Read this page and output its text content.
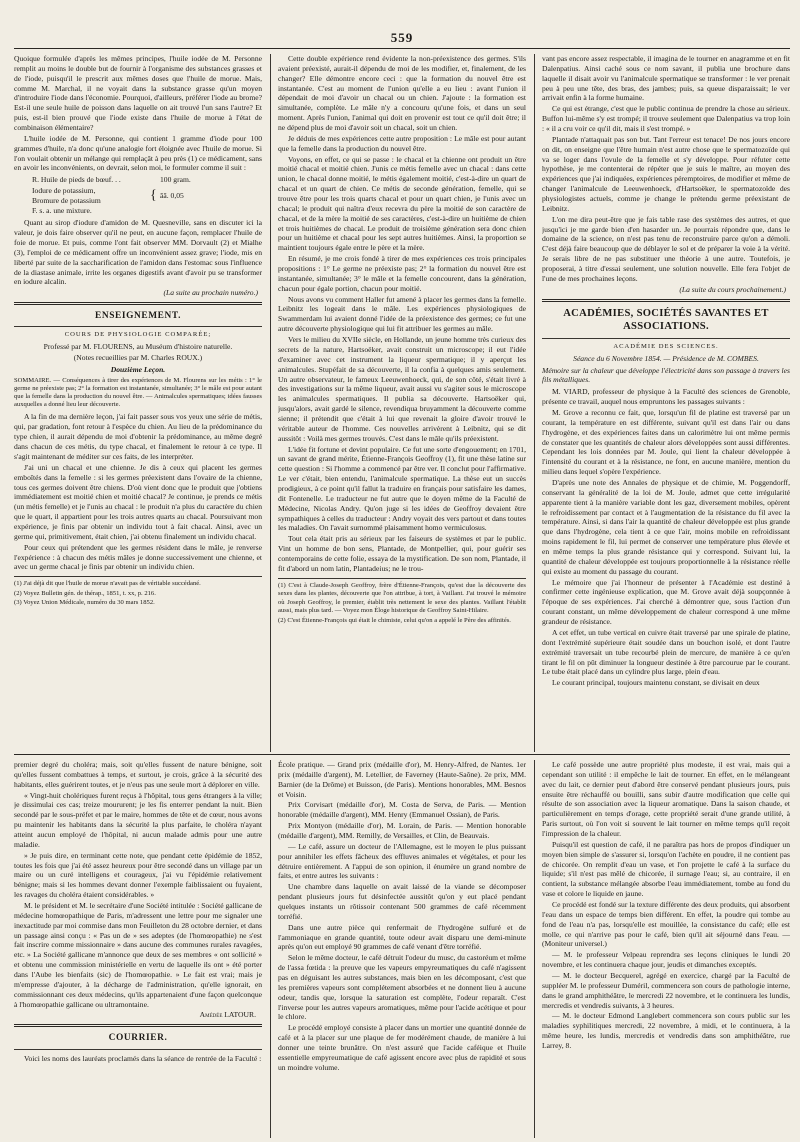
559

Quoique formulée d'après les mêmes principes, l'huile iodée de M. Personne remplit au moins le double but de fournir à l'organisme des substances grasses et de l'iode, puisqu'il le prescrit aux mêmes doses que l'huile de morue. Mais, comme M. Marchal, il ne voyait dans la substance grasse qu'un moyen d'introduire l'iode dans l'économie. Pourquoi, d'ailleurs, préférer l'iode au brome? Est-il une seule huile de poisson dans laquelle on ait trouvé l'un sans l'autre? Et puis, est-il bien prouvé que l'iode existe dans l'huile de morue à l'état de combinaison élémentaire?

L'huile iodée de M. Personne, qui contient 1 gramme d'iode pour 100 grammes d'huile, n'a donc qu'une analogie fort éloignée avec l'huile de morue. Si l'on voulait obtenir un mélange qui remplaçât à peu près (1) ce médicament, sans en avoir les inconvénients, on devrait, selon moi, le formuler comme il suit :

R. Huile de pieds de bœuf. . .	100 gram.
Iodure de potassium,
Bromure de potassium	{ āā. 0,05
F. s. a. une mixture.

Quant au sirop d'iodure d'amidon de M. Quesneville, sans en discuter ici la valeur, je dois faire observer qu'il ne peut, en aucune façon, remplacer l'huile de foie de morue. Et puis, comme l'ont fait observer MM. Dorvault (2) et Mialhe (3), l'emploi de ce médicament offre un inconvénient assez grave; l'iode, mis en liberté par suite de la saccharification de l'amidon dans l'estomac sous l'influence de la diastase animale, irrite les organes digestifs avant d'avoir pu se transformer en iodure alcalin.

(La suite au prochain numéro.)
ENSEIGNEMENT.
COURS DE PHYSIOLOGIE COMPARÉE;
Professé par M. FLOURENS, au Muséum d'histoire naturelle.
(Notes recueillies par M. Charles ROUX.)
Douzième Leçon.
SOMMAIRE. — Conséquences à tirer des expériences de M. Flourens sur les métis : 1° le germe ne préexiste pas; 2° la formation est instantanée, simultanée; 3° le mâle est pour autant que la femelle dans la production du nouvel être. — Animalcules spermatiques; idées fausses auxquelles a donné lieu leur découverte.

A la fin de ma dernière leçon, j'ai fait passer sous vos yeux une série de métis, qui, par gradation, font retour à l'espèce du chien. Au lieu de la prédominance du type chien, il aurait dépendu de moi d'obtenir la prédominance, au même degré dans chacun de ces métis, du type chacal, et finalement le retour à ce type. Il s'agit maintenant de méditer sur ces faits, de les interpréter.

J'ai uni un chacal et une chienne. Je dis à ceux qui placent les germes emboîtés dans la femelle : si les germes préexistent dans l'ovaire de la chienne, tous ces germes doivent être chiens. D'où vient donc que le produit que j'obtiens immédiatement est moitié chien et moitié chacal? Je continue, je prends ce métis (un métis femelle) et je l'unis au chacal : le produit n'a plus du caractère du chien que le quart, il appartient pour les trois autres quarts au chacal. Poursuivant mon expérience, je finis par obtenir un individu tout à fait chacal. Ainsi, avec un germe qui, primitivement, était chien, j'ai obtenu finalement un individu chacal.

Pour ceux qui prétendent que les germes résident dans le mâle, je renverse l'expérience : à chacun des métis mâles je donne successivement une chienne, et avec un germe chacal je finis par obtenir un individu chien.

(1) J'ai déjà dit que l'huile de morue n'avait pas de véritable succédané.
(2) Voyez Bulletin gén. de thérap., 1851, t. xx, p. 216.
(3) Voyez Union Médicale, numéro du 30 mars 1852.

Cette double expérience rend évidente la non-préexistence des germes. S'ils avaient préexisté, aurait-il dépendu de moi de les modifier, et, finalement, de les changer? Elle démontre encore ceci : que la formation du nouvel être est instantanée. C'est au moment de l'union qu'elle a eu lieu : avant l'union il dépendait de moi d'avoir un chacal ou un chien. J'ajoute : la formation est simultanée, complète. Le mâle n'y a concouru qu'une fois, et dans un seul moment. Après l'union, l'animal qui doit en provenir est tout ce qu'il doit être; il ne dépend plus de moi d'avoir soit un chacal, soit un chien.

Je déduis de mes expériences cette autre proposition : Le mâle est pour autant que la femelle dans la production du nouvel être.

Voyons, en effet, ce qui se passe : le chacal et la chienne ont produit un être moitié chacal et moitié chien. J'unis ce métis femelle avec un chacal : dans cette union, le chacal donne moitié, le métis également moitié, c'est-à-dire un quart de chacal et un quart de chien. Ce métis de seconde génération, femelle, qui se trouve être pour les trois quarts chacal et pour un quart chien, je l'unis avec un chacal; le produit qui naîtra d'eux recevra du père la moitié de son caractère de chacal, et de la mère la moitié de ses caractères, c'est-à-dire un huitième de chien et trois huitièmes de chacal. Le produit de troisième génération sera donc chien pour un huitième et chacal pour les sept autres huitièmes. Ainsi, la proportion se maintient toujours égale entre le père et la mère.

En résumé, je me crois fondé à tirer de mes expériences ces trois principales propositions : 1° Le germe ne préexiste pas; 2° la formation du nouvel être est instantanée, simultanée; 3° le mâle et la femelle concourent, dans la génération, chacun pour égale portion, chacun pour moitié.

Nous avons vu comment Haller fut amené à placer les germes dans la femelle. Leibnitz les logeait dans le mâle. Les expériences physiologiques de Swammerdam lui avaient donné l'idée de la préexistence des germes; ce fut une autre découverte physiologique qui lui fit attribuer les germes au mâle.

Vers le milieu du XVIIe siècle, en Hollande, un jeune homme très curieux des secrets de la nature, Hartsoëker, avait construit un microscope; il eut l'idée d'examiner avec cet instrument la liqueur spermatique; il y aperçut les animalcules. Stupéfait de sa découverte, il la confia à quelques amis seulement. Un autre observateur, le fameux Leeuwenhoeck, qui, de son côté, s'était livré à des investigations sur la même liqueur, avait aussi vu s'agiter sous le microscope les animalcules spermatiques. Il publia sa découverte. Hartsoëker qui, jusqu'alors, avait gardé le silence, revendiqua bruyamment la découverte comme sienne; il prétendit que c'était à lui que revenait la gloire d'avoir trouvé le véritable auteur de l'homme. Ces nouvelles arrivèrent à Leibnitz, qui se dit aussitôt : Voilà mes germes trouvés. C'est dans le mâle qu'ils préexistent.

L'idée fit fortune et devint populaire. Ce fut une sorte d'engouement; en 1701, un savant de grand mérite, Étienne-François Geoffroy (1), fit une thèse latine sur cette question : Si l'homme a commencé par être ver. Il conclut pour l'affirmative. Le ver c'était, bien entendu, l'animalcule spermatique. La thèse eut un succès prodigieux, à ce point qu'il fallut la traduire en français pour satisfaire les dames, dit Fontenelle. Le traducteur ne fut autre que le doyen même de la Faculté de Médecine, Nicolas Andry. Qu'on juge si les idées de Geoffroy devaient être sympathiques à celles du traducteur : Andry voyait des vers partout et dans toutes les maladies. On l'avait surnommé plaisamment homo vermiculosus.

Tout cela était pris au sérieux par les faiseurs de systèmes et par le public. Vint un homme de bon sens, Plantade, de Montpellier, qui, pour guérir ses contemporains de cette folie, essaya de la mystification. De son nom, Plantade, il fit d'abord un nom latin, Plantadeius; ne le trou-

(1) C'est à Claude-Joseph Geoffroy, frère d'Étienne-François, qu'est due la découverte des sexes dans les plantes, découverte que l'on attribue, à tort, à Vaillant. J'ai trouvé le mémoire où Joseph Geoffroy, le premier, établit très nettement le sexe des plantes. Vaillant l'établit aussi, mais plus tard. — Voyez mon Éloge historique de Geoffroy Saint-Hilaire.
(2) C'est Étienne-François qui était le chimiste, celui qu'on a appelé le Père des affinités.

vant pas encore assez respectable, il imagina de le tourner en anagramme et en fit Dalenpatius. Ainsi caché sous ce nom savant, il publia une brochure dans laquelle il disait avoir vu l'animalcule spermatique se transformer : le ver prenait peu à peu une tête, des bras, des jambes; puis, sa queue disparaissait; le ver arrivait enfin à la forme humaine.

Ce qui est étrange, c'est que le public continua de prendre la chose au sérieux. Buffon lui-même s'y est trompé; il trouve seulement que Dalenpatius va trop loin : « il a cru voir ce qu'il dit, mais il s'est trompé. »

Plantade n'attaquait pas son but. Tant l'erreur est tenace! De nos jours encore on dit, on enseigne que l'être humain n'est autre chose que le spermatozoïde qui va se loger dans l'ovule de la femelle et s'y développe. Pour réfuter cette hypothèse, je me contenterai de répéter que je suis le maître, au moyen des expériences que j'ai indiquées, expériences péremptoires, de modifier et même de changer l'animalcule de Leeuwenhoeck, d'Hartsoëker, le spermatozoïde des physiologistes actuels, comme je change le prétendu germe préexistant de Leibnitz.

L'on me dira peut-être que je fais table rase des systèmes des autres, et que jusqu'ici je me garde bien d'en hasarder un. Je pourrais répondre que, dans le domaine de la science, on n'est pas tenu de reconstruire parce qu'on a démoli. C'est déjà faire beaucoup que de déblayer le sol et de préparer la voie à la vérité. Je serais libre de ne pas substituer une théorie à une autre. Toutefois, je proposerai, à titre d'essai seulement, une solution nouvelle. Elle fera l'objet de l'une de mes prochaines leçons.

(La suite du cours prochainement.)
ACADÉMIES, SOCIÉTÉS SAVANTES ET ASSOCIATIONS.
ACADÉMIE DES SCIENCES.
Séance du 6 Novembre 1854. — Présidence de M. COMBES.
Mémoire sur la chaleur que développe l'électricité dans son passage à travers les fils métalliques.

M. VIARD, professeur de physique à la Faculté des sciences de Grenoble, présente ce travail, auquel nous empruntons les passages suivants :

M. Grove a reconnu ce fait, que, lorsqu'un fil de platine est traversé par un courant, la température en est différente, suivant qu'il est dans l'air ou dans l'hydrogène, et des expériences faites dans un calorimètre lui ont même permis de constater que les quantités de chaleur alors développées sont aussi différentes. Cependant les lois données par M. Joule, qui lient la chaleur développée à l'intensité du courant et à la résistance, ne font, en aucune manière, mention du milieu dans lequel s'opère l'expérience.

D'après une note des Annales de physique et de chimie, M. Poggendorff, conservant la généralité de la loi de M. Joule, admet que cette irrégularité apparente tient à la manière variable dont les gaz, diversement mobiles, opèrent le refroidissement par contact et à l'augmentation de la résistance du fil avec la température. Ainsi, si dans l'air la quantité de chaleur développée est plus grande que dans l'hydrogène, cela tient à ce que l'air, moins mobile en refroidissant moins rapidement le fil, lui permet de conserver une température plus élevée et en même temps la plus grande résistance qui y correspond. Suivant lui, la quantité de chaleur développée est toujours proportionnelle à la résistance réelle qui existe au moment du passage du courant.

Le mémoire que j'ai l'honneur de présenter à l'Académie est destiné à confirmer cette ingénieuse explication, que M. Grove avait déjà soupçonnée à l'époque de ses expériences. J'ai cherché à démontrer que, sous l'action d'un courant constant, un même développement de chaleur correspond à une même grandeur de résistance.

A cet effet, un tube vertical en cuivre était traversé par une spirale de platine, dont l'extrémité supérieure était soudée dans un bouchon isolé, et dont l'autre extrémité traversait un tube recourbé plein de mercure, de manière à ce qu'en tirant le fil on pût diminuer la longueur destinée à être parcourue par le courant. Le tube était placé dans un cylindre plus large, plein d'eau.

Le courant principal, toujours maintenu constant, se divisait en deux

premier degré du choléra; mais, soit qu'elles fussent de nature bénigne, soit qu'elles fussent combattues à temps, et surtout, je crois, grâce à la sécurité des habitants, elles guérirent toutes, et je n'eus pas une seule mort à déplorer en ville.

« Vingt-huit cholériques furent reçus à l'hôpital, tous gens étrangers à la ville; je dissimulai ces cas; treize moururent; je les fis enterrer pendant la nuit. Bien secondé par le sous-préfet et par le maire, hommes de tête et de cœur, nous avons pu maintenir les habitants dans la sécurité la plus parfaite, le choléra n'ayant atteint aucun employé de l'hôpital, ni aucun malade admis pour une autre maladie.

» Je puis dire, en terminant cette note, que pendant cette épidémie de 1852, toutes les fois que j'ai été assez heureux pour être secondé dans un village par un maire ou un curé intelligens et courageux, j'ai vu l'épidémie relativement bénigne; mais si les hommes devant donner l'exemple faiblissaient ou fuyaient, les ravages du choléra étaient considérables. »

M. le président et M. le secrétaire d'une Société intitulée : Société gallicane de médecine homœopathique de Paris, m'adressent une lettre pour me signaler une inexactitude par moi commise dans mon Feuilleton du 28 octobre dernier, et dans un passage ainsi conçu : « Pas un de » ses adeptes (de l'homœopathie) ne s'est fait inscrire comme missionnaire » dans aucune des communes rurales ravagées, etc. » La Société gallicane m'annonce que deux de ses membres « ont sollicité » et obtenu une commission ministérielle en vertu de laquelle ils ont » été porter dans l'Aube les bienfaits (sic) de l'homœopathie. » Le fait est vrai; mais je m'empresse d'ajouter, à la décharge de l'administration, qu'elle ignorait, en commissionnant ces deux médecins, qu'ils appartenaient d'une façon quelconque à l'homœopathie gallicane ou ultramontaine.

Amédée LATOUR.
COURRIER.

Voici les noms des lauréats proclamés dans la séance de rentrée de la Faculté :

École pratique. — Grand prix (médaille d'or), M. Henry-Alfred, de Nantes. 1er prix (médaille d'argent), M. Letellier, de Faverney (Haute-Saône). 2e prix, MM. Barnier (de la Drôme) et Buisson, (de Paris). Mentions honorables, MM. Besnos et Voisin.

Prix Corvisart (médaille d'or), M. Costa de Serva, de Paris. — Mention honorable (médaille d'argent), MM. Henry (Emmanuel Ossian), de Paris.

Prix Montyon (médaille d'or), M. Lorain, de Paris. — Mention honorable (médaille d'argent), MM. Remilly, de Versailles, et Clin, de Beauvais.

— Le café, assure un docteur de l'Allemagne, est le moyen le plus puissant pour annihiler les effets fâcheux des effluves animales et végétales, et pour les détruire entièrement. A l'appui de son opinion, il énumère un grand nombre de faits, et entre autres les suivants :

Une chambre dans laquelle on avait laissé de la viande se décomposer pendant plusieurs jours fut désinfectée aussitôt qu'on y eut placé pendant quelques instants un rôtissoir contenant 500 grammes de café récemment torréfié.

Dans une autre pièce qui renfermait de l'hydrogène sulfuré et de l'ammoniaque en grande quantité, toute odeur avait disparu une demi-minute après qu'on eut employé 90 grammes de café venant d'être torréfié.

Selon le même docteur, le café détruit l'odeur du musc, du castoréum et même de l'assa fœtida : la preuve que les vapeurs empyreumatiques du café n'agissent pas en déguisant les autres substances, mais bien en les décomposant, c'est que les premières vapeurs sont complétement absorbées et ne donnent lieu à aucune odeur, tandis que, lorsque la saturation est complète, l'odeur reparaît. C'est l'inverse pour les autres vapeurs aromatiques, même pour l'acide acétique et pour le chlore.

Le procédé employé consiste à placer dans un mortier une quantité donnée de café et à la placer sur une plaque de fer modérément chaude, de manière à lui donner une teinte brunâtre. On n'est assuré que l'acide caféique et l'huile essentielle empyreumatique de café agissent encore avec plus de rapidité et sous un moindre volume.

Le café possède une autre propriété plus modeste, il est vrai, mais qui a cependant son utilité : il empêche le lait de tourner. En effet, en le mélangeant avec du lait, ce dernier peut d'abord être conservé pendant plusieurs jours, puis ensuite être réchauffé ou bouilli, sans subir d'autre modification que celle qui résulte de son association avec la liqueur aromatique. Dans la saison chaude, et particulièrement en temps d'orage, cette propriété serait d'une grande utilité, à Paris surtout, où l'on voit si souvent le lait tourner en même temps qu'il reçoit l'impression de la chaleur.

Puisqu'il est question de café, il ne paraîtra pas hors de propos d'indiquer un moyen bien simple de s'assurer si, lorsqu'on l'achète en poudre, il ne contient pas de chicorée. On remplit d'eau un vase, et l'on projette le café à la surface du liquide; s'il n'est pas mêlé de chicorée, il surnage l'eau; si, au contraire, il en contient, la substance mélangée absorbe l'eau immédiatement, tombe au fond du vase et colore le liquide en jaune.

Ce procédé est fondé sur la texture différente des deux produits, qui absorbent l'eau dans un espace de temps bien différent. En effet, la poudre qui tombe au fond de l'eau n'a pas, lorsqu'elle est mouillée, la consistance du café; elle est molle, ce qui n'arrive pas pour le café, bien qu'il ait séjourné dans l'eau. — (Moniteur universel.)

— M. le professeur Velpeau reprendra ses leçons cliniques le lundi 20 novembre, et les continuera chaque jour, jeudis et dimanches exceptés.

— M. le docteur Becquerel, agrégé en exercice, chargé par la Faculté de suppléer M. le professeur Duméril, commencera son cours de pathologie interne, dans le grand amphithéâtre, le mercredi 22 novembre, et le continuera les lundis, mercredis et vendredis suivants, à 3 heures.

— M. le docteur Edmond Langlebert commencera son cours public sur les maladies syphilitiques mercredi, 22 novembre, à midi, et le continuera, à la même heure, les lundis, mercredis et vendredis dans son amphithéâtre, rue Larrey, 8.
